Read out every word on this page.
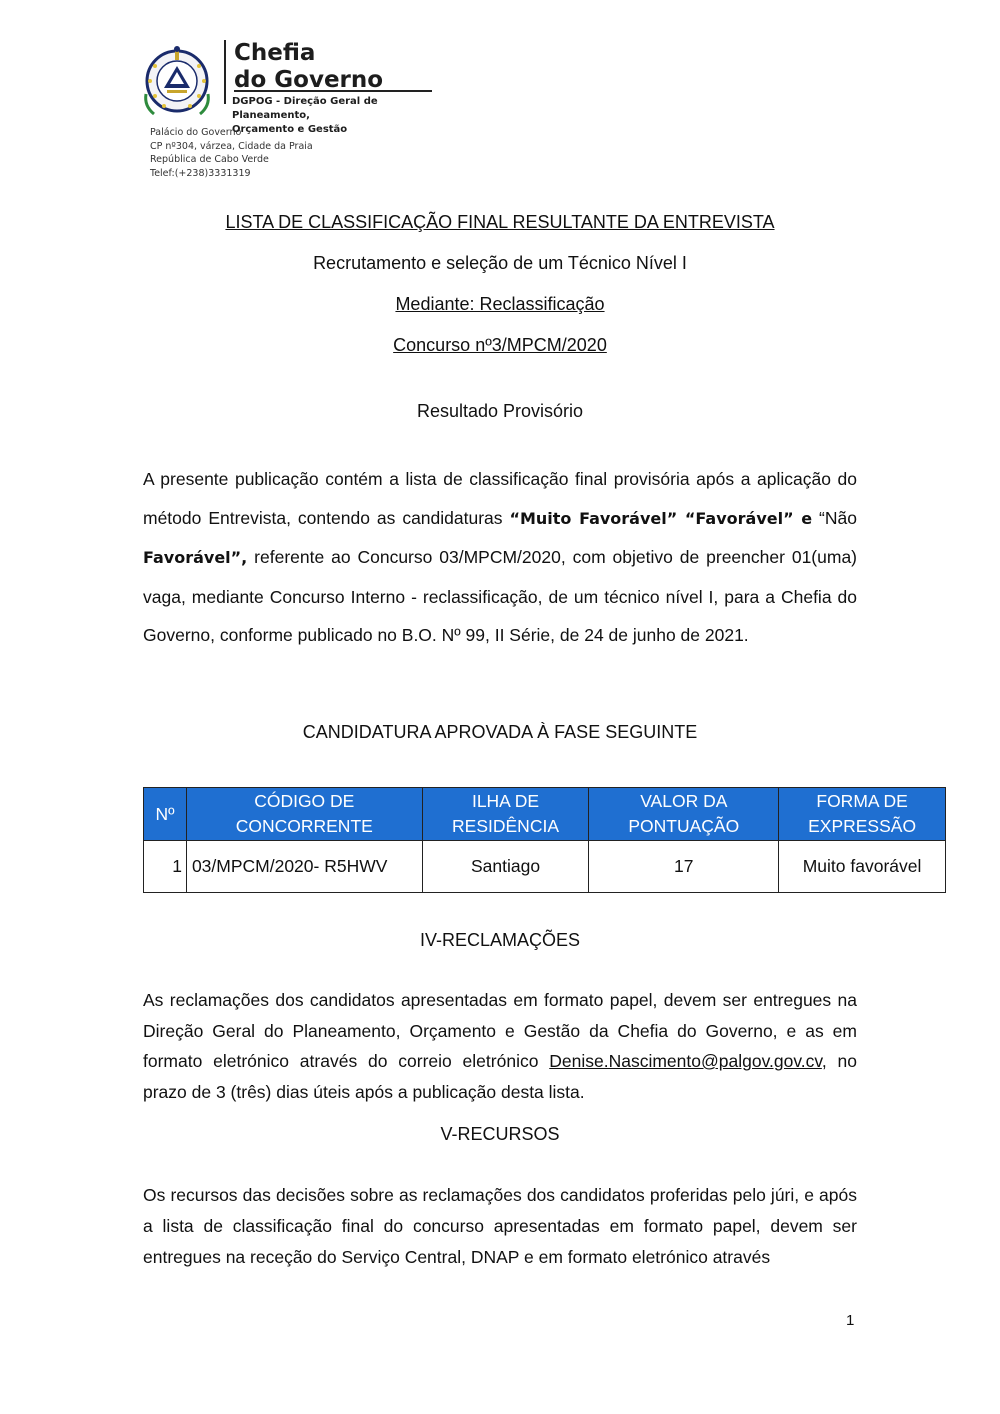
Chefia
do Governo
DGPOG - Direção Geral de Planeamento,
Orçamento e Gestão
Palácio do Governo
CP nº304, várzea, Cidade da Praia
República de Cabo Verde
Telef:(+238)3331319
LISTA DE CLASSIFICAÇÃO FINAL RESULTANTE DA ENTREVISTA
Recrutamento e seleção de um Técnico Nível I
Mediante: Reclassificação
Concurso nº3/MPCM/2020
Resultado Provisório
A presente publicação contém a lista de classificação final provisória após a aplicação do método Entrevista, contendo as candidaturas “Muito Favorável” “Favorável” e “Não Favorável”, referente ao Concurso 03/MPCM/2020, com objetivo de preencher 01(uma) vaga, mediante Concurso Interno - reclassificação, de um técnico nível I, para a Chefia do Governo, conforme publicado no B.O. Nº 99, II Série, de 24 de junho de 2021.
CANDIDATURA APROVADA À FASE SEGUINTE
Nº	CÓDIGO DE CONCORRENTE	ILHA DE RESIDÊNCIA	VALOR DA PONTUAÇÃO	FORMA DE EXPRESSÃO
1	03/MPCM/2020- R5HWV	Santiago	17	Muito favorável
IV-RECLAMAÇÕES
As reclamações dos candidatos apresentadas em formato papel, devem ser entregues na Direção Geral do Planeamento, Orçamento e Gestão da Chefia do Governo, e as em formato eletrónico através do correio eletrónico Denise.Nascimento@palgov.gov.cv, no prazo de 3 (três) dias úteis após a publicação desta lista.
V-RECURSOS
Os recursos das decisões sobre as reclamações dos candidatos proferidas pelo júri, e após a lista de classificação final do concurso apresentadas em formato papel, devem ser entregues na receção do Serviço Central, DNAP e em formato eletrónico através
1
